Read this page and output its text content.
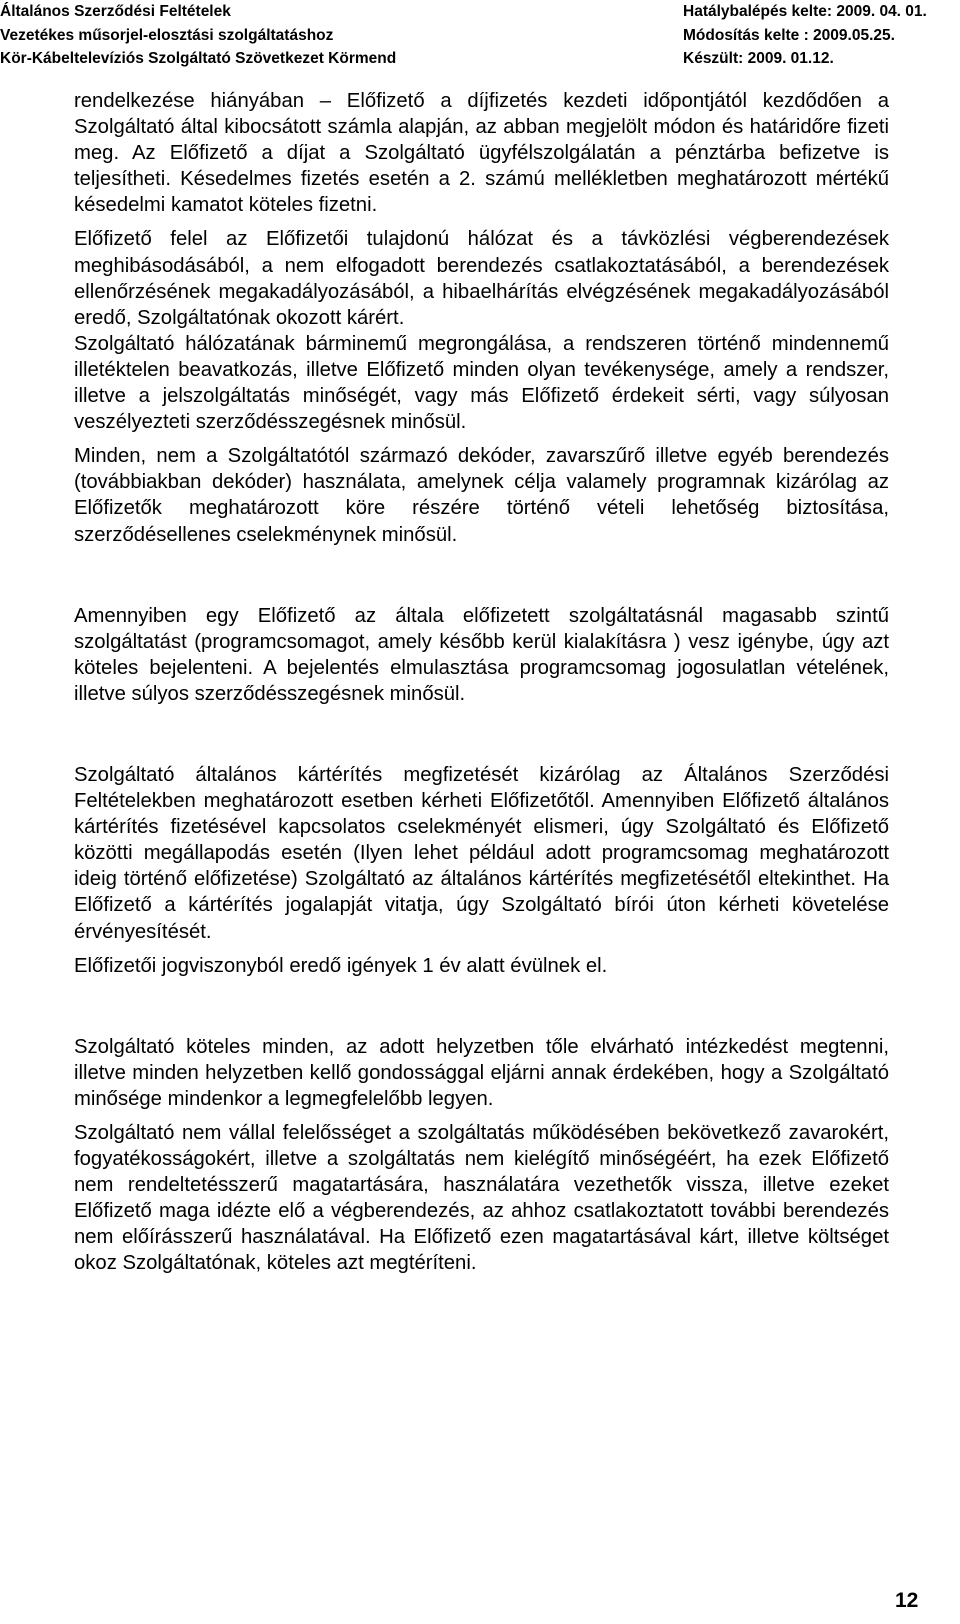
Általános Szerződési Feltételek	Hatálybalépés kelte: 2009. 04. 01.
Vezetékes műsorjel-elosztási szolgáltatáshoz	Módosítás kelte : 2009.05.25.
Kör-Kábeltelevíziós Szolgáltató Szövetkezet Körmend	Készült: 2009. 01.12.

rendelkezése hiányában – Előfizető a díjfizetés kezdeti időpontjától kezdődően a Szolgáltató által kibocsátott számla alapján, az abban megjelölt módon és határidőre fizeti meg. Az Előfizető a díjat a Szolgáltató ügyfélszolgálatán a pénztárba befizetve is teljesítheti. Késedelmes fizetés esetén a 2. számú mellékletben meghatározott mértékű késedelmi kamatot köteles fizetni.

Előfizető felel az Előfizetői tulajdonú hálózat és a távközlési végberendezések meghibásodásából, a nem elfogadott berendezés csatlakoztatásából, a berendezések ellenőrzésének megakadályozásából, a hibaelhárítás elvégzésének megakadályozásából eredő, Szolgáltatónak okozott kárért.

Szolgáltató hálózatának bárminemű megrongálása, a rendszeren történő mindennemű illetéktelen beavatkozás, illetve Előfizető minden olyan tevékenysége, amely a rendszer, illetve a jelszolgáltatás minőségét, vagy más Előfizető érdekeit sérti, vagy súlyosan veszélyezteti szerződésszegésnek minősül.

Minden, nem a Szolgáltatótól származó dekóder, zavarszűrő illetve egyéb berendezés (továbbiakban dekóder) használata, amelynek célja valamely programnak kizárólag az Előfizetők meghatározott köre részére történő vételi lehetőség biztosítása, szerződésellenes cselekménynek minősül.

Amennyiben egy Előfizető az általa előfizetett szolgáltatásnál magasabb szintű szolgáltatást (programcsomagot, amely később kerül kialakításra ) vesz igénybe, úgy azt köteles bejelenteni. A bejelentés elmulasztása programcsomag jogosulatlan vételének, illetve súlyos szerződésszegésnek minősül.

Szolgáltató általános kártérítés megfizetését kizárólag az Általános Szerződési Feltételekben meghatározott esetben kérheti Előfizetőtől. Amennyiben Előfizető általános kártérítés fizetésével kapcsolatos cselekményét elismeri, úgy Szolgáltató és Előfizető közötti megállapodás esetén (Ilyen lehet például adott programcsomag meghatározott ideig történő előfizetése) Szolgáltató az általános kártérítés megfizetésétől eltekinthet. Ha Előfizető a kártérítés jogalapját vitatja, úgy Szolgáltató bírói úton kérheti követelése érvényesítését.

Előfizetői jogviszonyból eredő igények 1 év alatt évülnek el.

Szolgáltató köteles minden, az adott helyzetben tőle elvárható intézkedést megtenni, illetve minden helyzetben kellő gondossággal eljárni annak érdekében, hogy a Szolgáltató minősége mindenkor a legmegfelelőbb legyen.

Szolgáltató nem vállal felelősséget a szolgáltatás működésében bekövetkező zavarokért, fogyatékosságokért, illetve a szolgáltatás nem kielégítő minőségéért, ha ezek Előfizető nem rendeltetésszerű magatartására, használatára vezethetők vissza, illetve ezeket Előfizető maga idézte elő a végberendezés, az ahhoz csatlakoztatott további berendezés nem előírásszerű használatával. Ha Előfizető ezen magatartásával kárt, illetve költséget okoz Szolgáltatónak, köteles azt megtéríteni.

12
